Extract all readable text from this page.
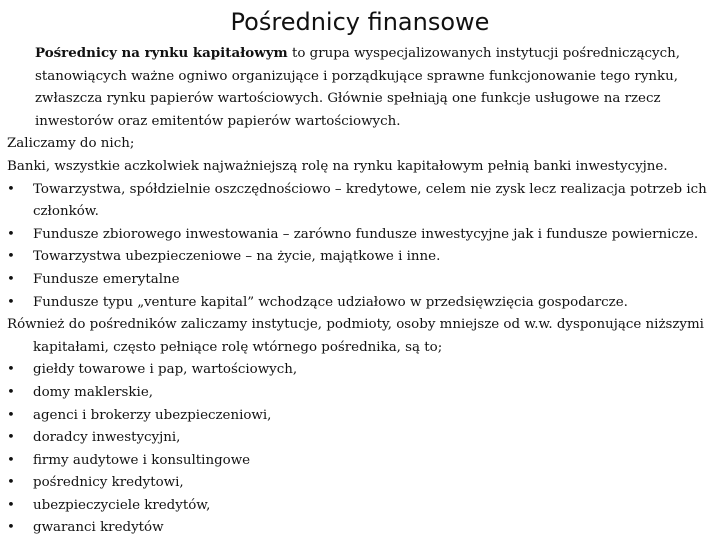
Pośrednicy finansowe

Pośrednicy na rynku kapitałowym to grupa wyspecjalizowanych instytucji pośredniczących, stanowiących ważne ogniwo organizujące i porządkujące sprawne funkcjonowanie tego rynku, zwłaszcza rynku papierów wartościowych. Głównie spełniają one funkcje usługowe na rzecz inwestorów oraz emitentów papierów wartościowych.

Zaliczamy do nich;

Banki, wszystkie aczkolwiek najważniejszą rolę na rynku kapitałowym pełnią banki inwestycyjne.

• Towarzystwa, spółdzielnie oszczędnościowo – kredytowe, celem nie zysk lecz realizacja potrzeb ich członków.

• Fundusze zbiorowego inwestowania – zarówno fundusze inwestycyjne jak i fundusze powiernicze.

• Towarzystwa ubezpieczeniowe – na życie, majątkowe i inne.

• Fundusze emerytalne

• Fundusze typu „venture kapital” wchodzące udziałowo w przedsięwzięcia gospodarcze.

Również do pośredników zaliczamy instytucje, podmioty, osoby mniejsze od w.w. dysponujące niższymi kapitałami, często pełniące rolę wtórnego pośrednika, są to;

• giełdy towarowe i pap, wartościowych,

• domy maklerskie,

• agenci i brokerzy ubezpieczeniowi,

• doradcy inwestycyjni,

• firmy audytowe i konsultingowe

• pośrednicy kredytowi,

• ubezpieczyciele kredytów,

• gwaranci kredytów
